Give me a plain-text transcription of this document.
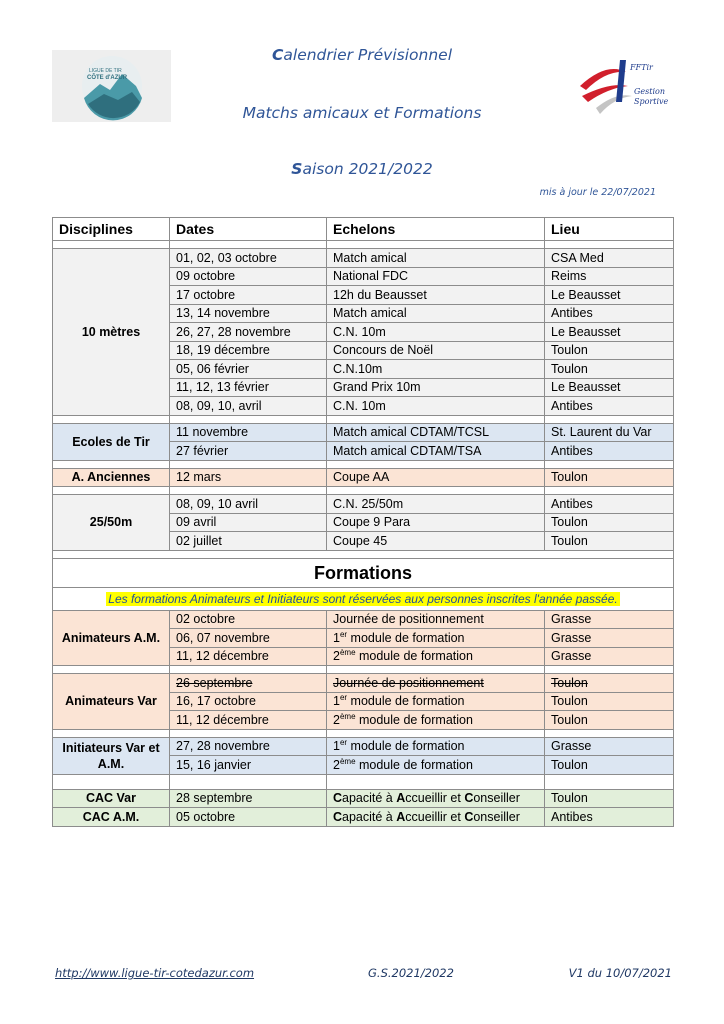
Calendrier Prévisionnel
Matchs amicaux et Formations
Saison 2021/2022
mis à jour le 22/07/2021
LIGUE DE TIR
CÔTE d'AZUR
FFTir
Gestion
Sportive
Disciplines	Dates	Echelons	Lieu

10 mètres	01, 02, 03 octobre	Match amical	CSA Med
	09 octobre	National FDC	Reims
	17 octobre	12h du Beausset	Le Beausset
	13, 14 novembre	Match amical	Antibes
	26, 27, 28 novembre	C.N. 10m	Le Beausset
	18, 19 décembre	Concours de Noël	Toulon
	05, 06 février	C.N.10m	Toulon
	11, 12, 13 février	Grand Prix 10m	Le Beausset
	08, 09, 10, avril	C.N. 10m	Antibes

Ecoles de Tir	11 novembre	Match amical CDTAM/TCSL	St. Laurent du Var
	27 février	Match amical CDTAM/TSA	Antibes

A. Anciennes	12 mars	Coupe AA	Toulon

25/50m	08, 09, 10 avril	C.N. 25/50m	Antibes
	09 avril	Coupe 9 Para	Toulon
	02 juillet	Coupe 45	Toulon

Formations			
Les formations Animateurs et Initiateurs sont réservées aux personnes inscrites l'année passée.			
Animateurs A.M.	02 octobre	Journée de positionnement	Grasse
	06, 07 novembre	1er module de formation	Grasse
	11, 12 décembre	2ème module de formation	Grasse

Animateurs Var	26 septembre	Journée de positionnement	Toulon
	16, 17 octobre	1er module de formation	Toulon
	11, 12 décembre	2ème module de formation	Toulon

Initiateurs Var et A.M.	27, 28 novembre	1er module de formation	Grasse
	15, 16 janvier	2ème module de formation	Toulon

CAC Var	28 septembre	Capacité à Accueillir et Conseiller	Toulon
CAC A.M.	05 octobre	Capacité à Accueillir et Conseiller	Antibes
http://www.ligue-tir-cotedazur.com	G.S.2021/2022	V1 du 10/07/2021
